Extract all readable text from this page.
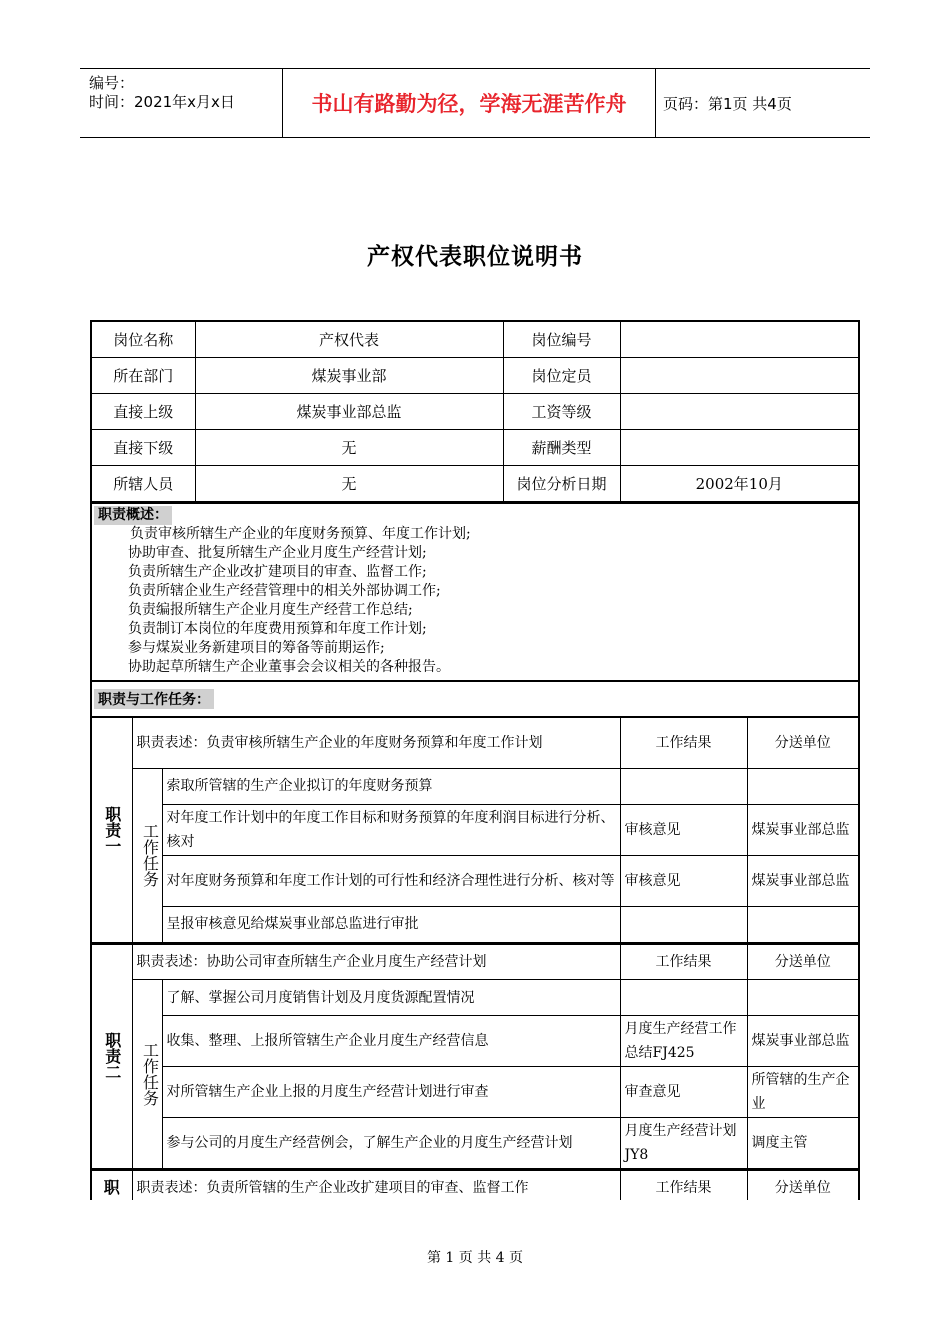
编号：
时间：2021年x月x日	书山有路勤为径，学海无涯苦作舟	页码：第1页 共4页
产权代表职位说明书
岗位名称	产权代表	岗位编号	
所在部门	煤炭事业部	岗位定员	
直接上级	煤炭事业部总监	工资等级	
直接下级	无	薪酬类型	
所辖人员	无	岗位分析日期	2002年10月
职责概述：
负责审核所辖生产企业的年度财务预算、年度工作计划;
协助审查、批复所辖生产企业月度生产经营计划;
负责所辖生产企业改扩建项目的审查、监督工作;
负责所辖企业生产经营管理中的相关外部协调工作;
负责编报所辖生产企业月度生产经营工作总结;
负责制订本岗位的年度费用预算和年度工作计划;
参与煤炭业务新建项目的筹备等前期运作;
协助起草所辖生产企业董事会会议相关的各种报告。
职责与工作任务：
职责一	职责表述：负责审核所辖生产企业的年度财务预算和年度工作计划		工作结果	分送单位

	工作任务	索取所管辖的生产企业拟订的年度财务预算		
		对年度工作计划中的年度工作目标和财务预算的年度利润目标进行分析、核对	审核意见	煤炭事业部总监
		对年度财务预算和年度工作计划的可行性和经济合理性进行分析、核对等	审核意见	煤炭事业部总监
		呈报审核意见给煤炭事业部总监进行审批		
职责二	职责表述：协助公司审查所辖生产企业月度生产经营计划		工作结果	分送单位

	工作任务	了解、掌握公司月度销售计划及月度货源配置情况		
		收集、整理、上报所管辖生产企业月度生产经营信息	月度生产经营工作总结FJ425	煤炭事业部总监
		对所管辖生产企业上报的月度生产经营计划进行审查	审查意见	所管辖的生产企业
		参与公司的月度生产经营例会，了解生产企业的月度生产经营计划	月度生产经营计划JY8	调度主管
职	职责表述：负责所管辖的生产企业改扩建项目的审查、监督工作	工作结果	分送单位
第 1 页 共 4 页
